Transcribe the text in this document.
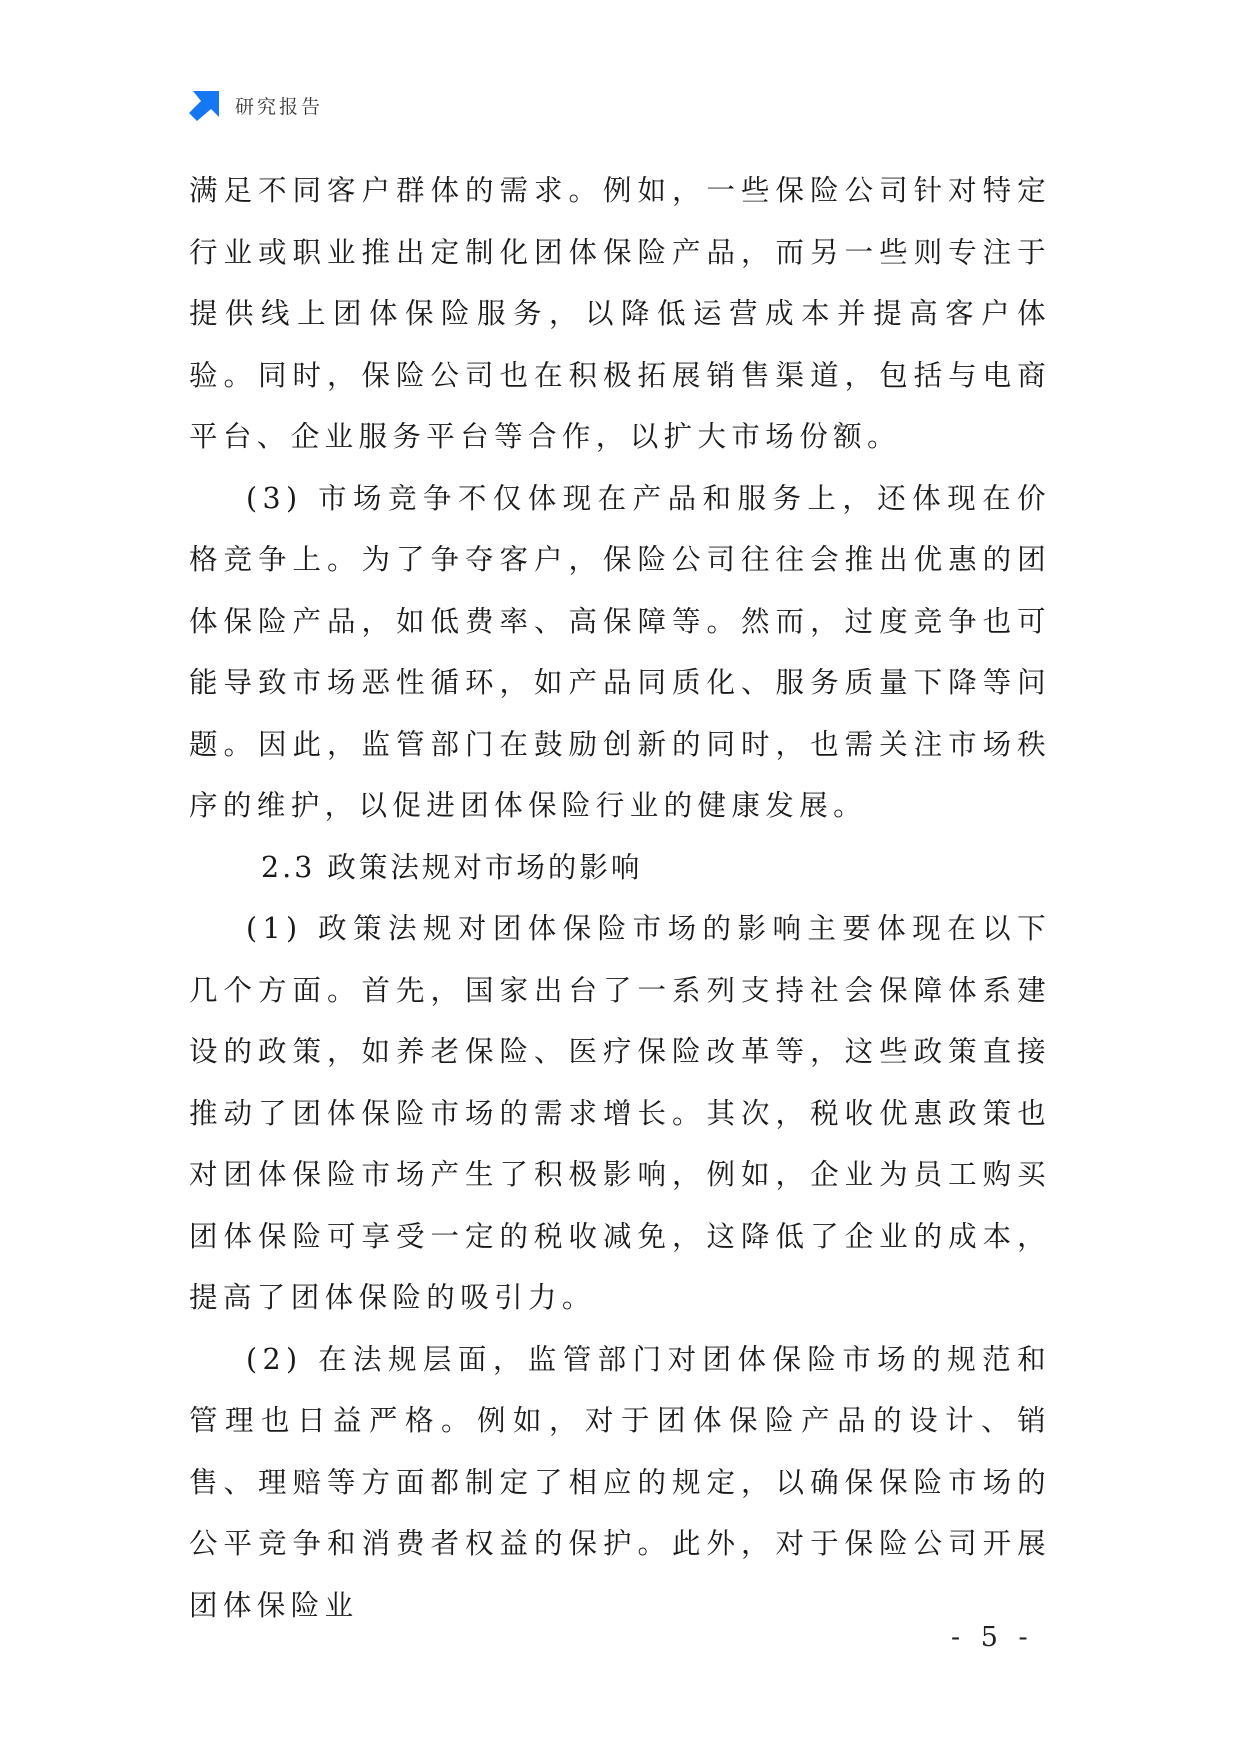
研究报告

满足不同客户群体的需求。例如，一些保险公司针对特定行业或职业推出定制化团体保险产品，而另一些则专注于提供线上团体保险服务，以降低运营成本并提高客户体验。同时，保险公司也在积极拓展销售渠道，包括与电商平台、企业服务平台等合作，以扩大市场份额。

(3) 市场竞争不仅体现在产品和服务上，还体现在价格竞争上。为了争夺客户，保险公司往往会推出优惠的团体保险产品，如低费率、高保障等。然而，过度竞争也可能导致市场恶性循环，如产品同质化、服务质量下降等问题。因此，监管部门在鼓励创新的同时，也需关注市场秩序的维护，以促进团体保险行业的健康发展。

2.3 政策法规对市场的影响

(1) 政策法规对团体保险市场的影响主要体现在以下几个方面。首先，国家出台了一系列支持社会保障体系建设的政策，如养老保险、医疗保险改革等，这些政策直接推动了团体保险市场的需求增长。其次，税收优惠政策也对团体保险市场产生了积极影响，例如，企业为员工购买团体保险可享受一定的税收减免，这降低了企业的成本，提高了团体保险的吸引力。

(2) 在法规层面，监管部门对团体保险市场的规范和管理也日益严格。例如，对于团体保险产品的设计、销售、理赔等方面都制定了相应的规定，以确保保险市场的公平竞争和消费者权益的保护。此外，对于保险公司开展团体保险业

- 5 -
